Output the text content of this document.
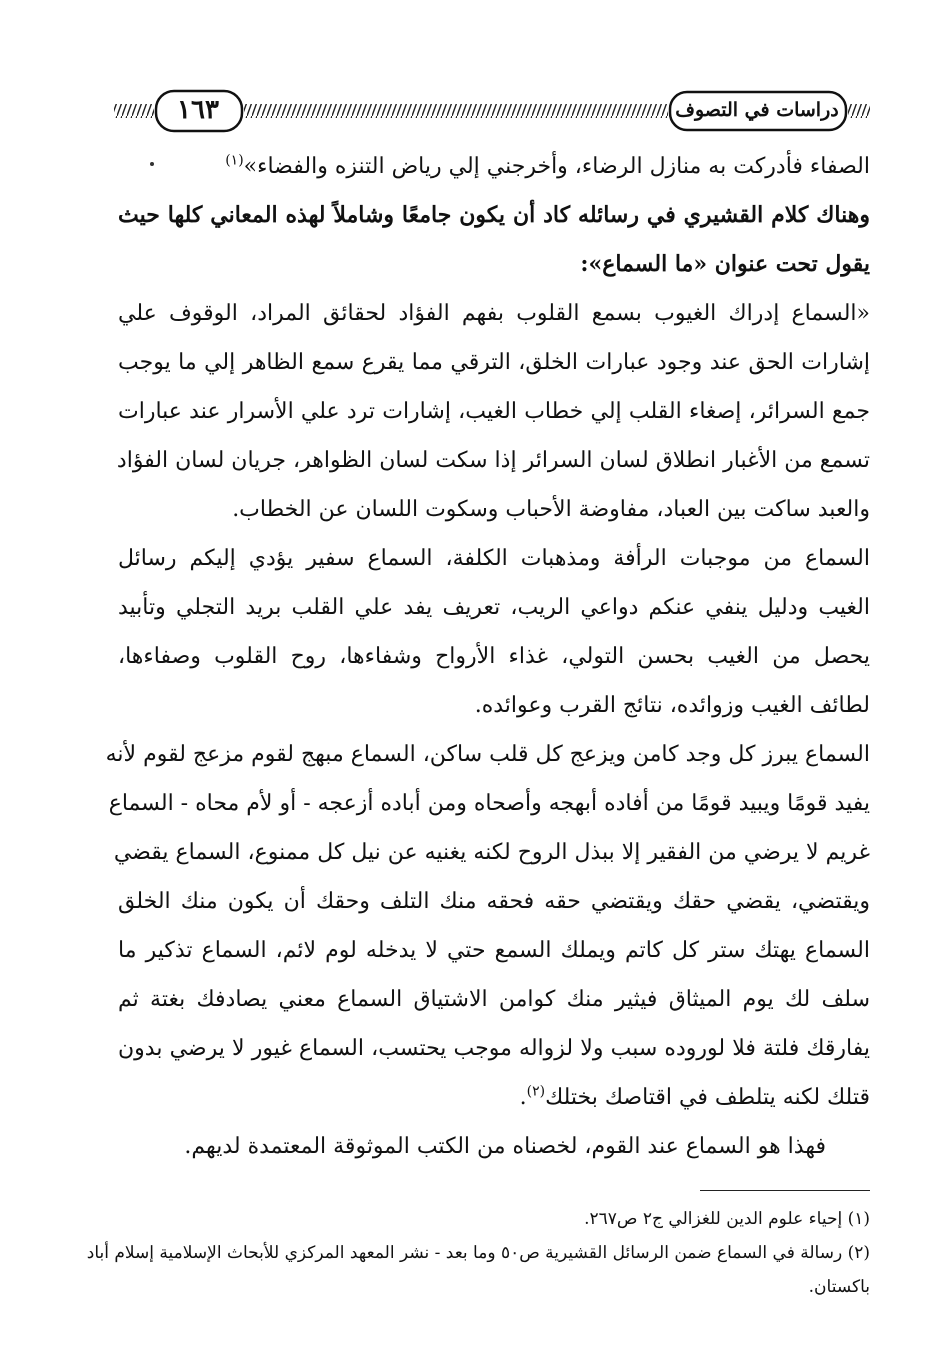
١٦٣	دراسات في التصوف

الصفاء فأدركت به منازل الرضاء، وأخرجني إلي رياض التنزه والفضاء»$^{(١)}$

وهناك كلام القشيري في رسائله كاد أن يكون جامعًا وشاملاً لهذه المعاني كلها حيث
يقول تحت عنوان «ما السماع»:

«السماع إدراك الغيوب بسمع القلوب بفهم الفؤاد لحقائق المراد، الوقوف علي
إشارات الحق عند وجود عبارات الخلق، الترقي مما يقرع سمع الظاهر إلي ما يوجب
جمع السرائر، إصغاء القلب إلي خطاب الغيب، إشارات ترد علي الأسرار عند عبارات
تسمع من الأغبار انطلاق لسان السرائر إذا سكت لسان الظواهر، جريان لسان الفؤاد
والعبد ساكت بين العباد، مفاوضة الأحباب وسكوت اللسان عن الخطاب.

السماع من موجبات الرأفة ومذهبات الكلفة، السماع سفير يؤدي إليكم رسائل
الغيب ودليل ينفي عنكم دواعي الريب، تعريف يفد علي القلب بريد التجلي وتأبيد
يحصل من الغيب بحسن التولي، غذاء الأرواح وشفاءها، روح القلوب وصفاءها،
لطائف الغيب وزوائده، نتائج القرب وعوائده.

السماع يبرز كل وجد كامن ويزعج كل قلب ساكن، السماع مبهج لقوم مزعج لقوم لأنه
يفيد قومًا ويبيد قومًا من أفاده أبهجه وأصحاه ومن أباده أزعجه - أو لأم محاه - السماع
غريم لا يرضي من الفقير إلا ببذل الروح لكنه يغنيه عن نيل كل ممنوع، السماع يقضي
ويقتضي، يقضي حقك ويقتضي حقه فحقه منك التلف وحقك أن يكون منك الخلق
السماع يهتك ستر كل كاتم ويملك السمع حتي لا يدخله لوم لائم، السماع تذكير ما
سلف لك يوم الميثاق فيثير منك كوامن الاشتياق السماع معني يصادفك بغتة ثم
يفارقك فلتة فلا لوروده سبب ولا لزواله موجب يحتسب، السماع غيور لا يرضي بدون
قتلك لكنه يتلطف في اقتاصك بختلك$^{(٢)}$.

فهذا هو السماع عند القوم، لخصناه من الكتب الموثوقة المعتمدة لديهم.

(١) إحياء علوم الدين للغزالي ج٢ ص٢٦٧.
(٢) رسالة في السماع ضمن الرسائل القشيرية ص٥٠ وما بعد - نشر المعهد المركزي للأبحاث الإسلامية إسلام أباد
باكستان.
